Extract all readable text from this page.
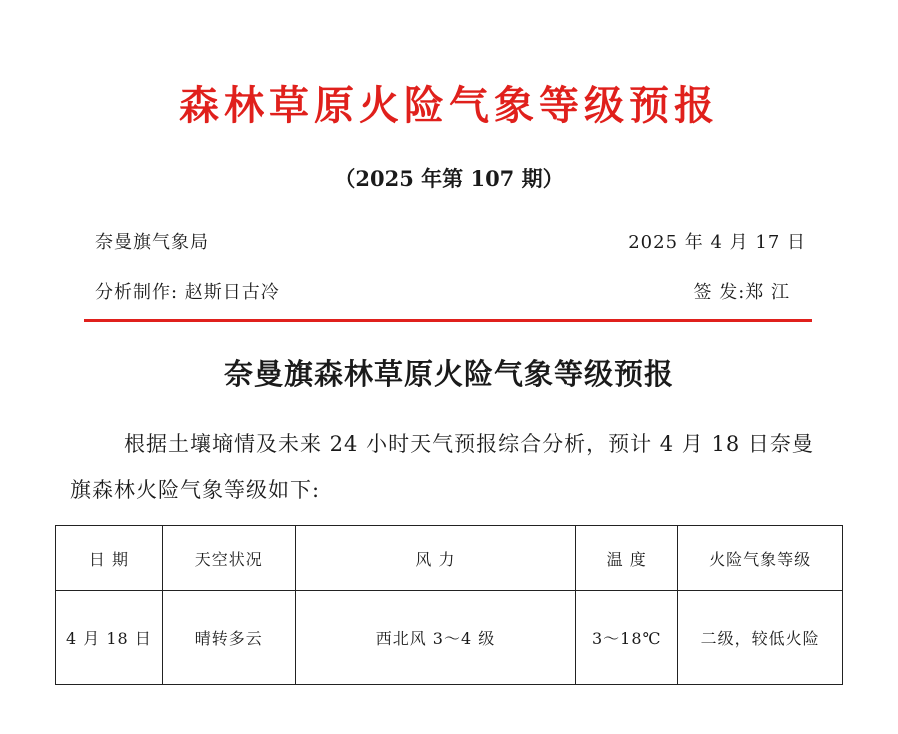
森林草原火险气象等级预报
（2025 年第 107 期）
奈曼旗气象局	2025 年 4 月 17 日
分析制作: 赵斯日古冷	签 发:郑 江
奈曼旗森林草原火险气象等级预报
根据土壤墒情及未来 24 小时天气预报综合分析，预计 4 月 18 日奈曼旗森林火险气象等级如下:
日 期	天空状况	风 力	温 度	火险气象等级
4 月 18 日	晴转多云	西北风 3～4 级	3～18℃	二级，较低火险
